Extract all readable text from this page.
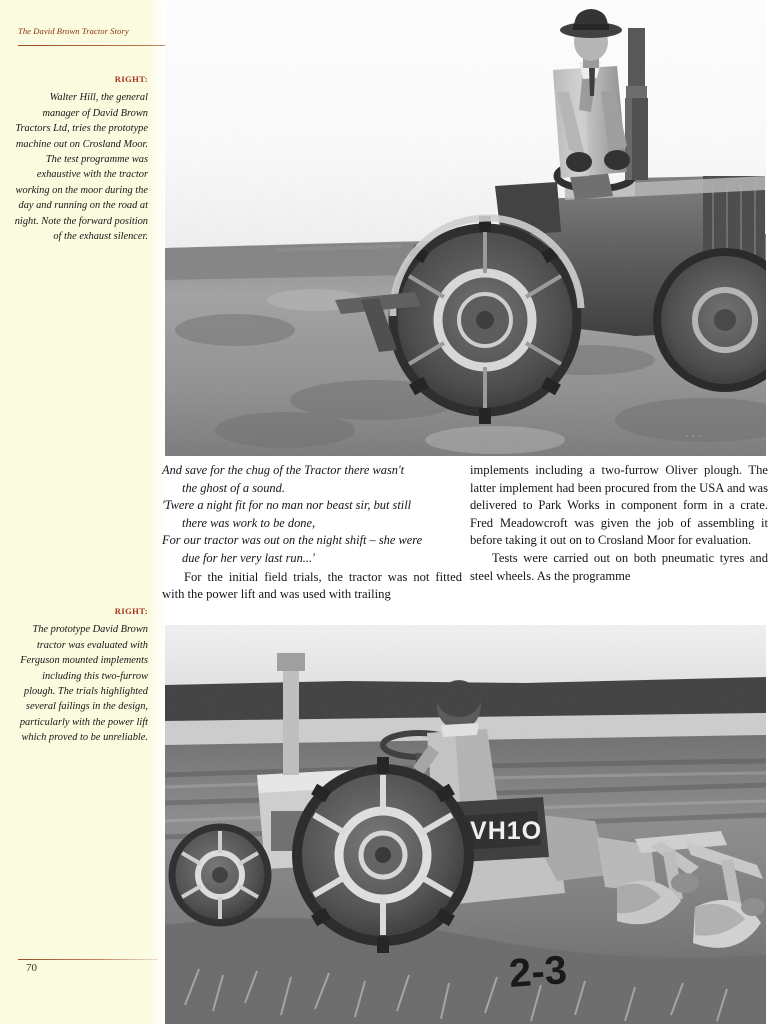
The David Brown Tractor Story
· · ·
And save for the chug of the Tractor there wasn't
the ghost of a sound.
'Twere a night fit for no man nor beast sir, but still
there was work to be done,
For our tractor was out on the night shift – she were
due for her very last run...'

For the initial field trials, the tractor was not fitted with the power lift and was used with trailing

implements including a two-furrow Oliver plough. The latter implement had been procured from the USA and was delivered to Park Works in component form in a crate. Fred Meadowcroft was given the job of assembling it before taking it out on to Crosland Moor for evaluation.

Tests were carried out on both pneumatic tyres and steel wheels. As the programme

RIGHT:
Walter Hill, the general manager of David Brown Tractors Ltd, tries the prototype machine out on Crosland Moor. The test programme was exhaustive with the tractor working on the moor during the day and running on the road at night. Note the forward position of the exhaust silencer.
RIGHT:
The prototype David Brown tractor was evaluated with Ferguson mounted implements including this two-furrow plough. The trials highlighted several failings in the design, particularly with the power lift which proved to be unreliable.
70
